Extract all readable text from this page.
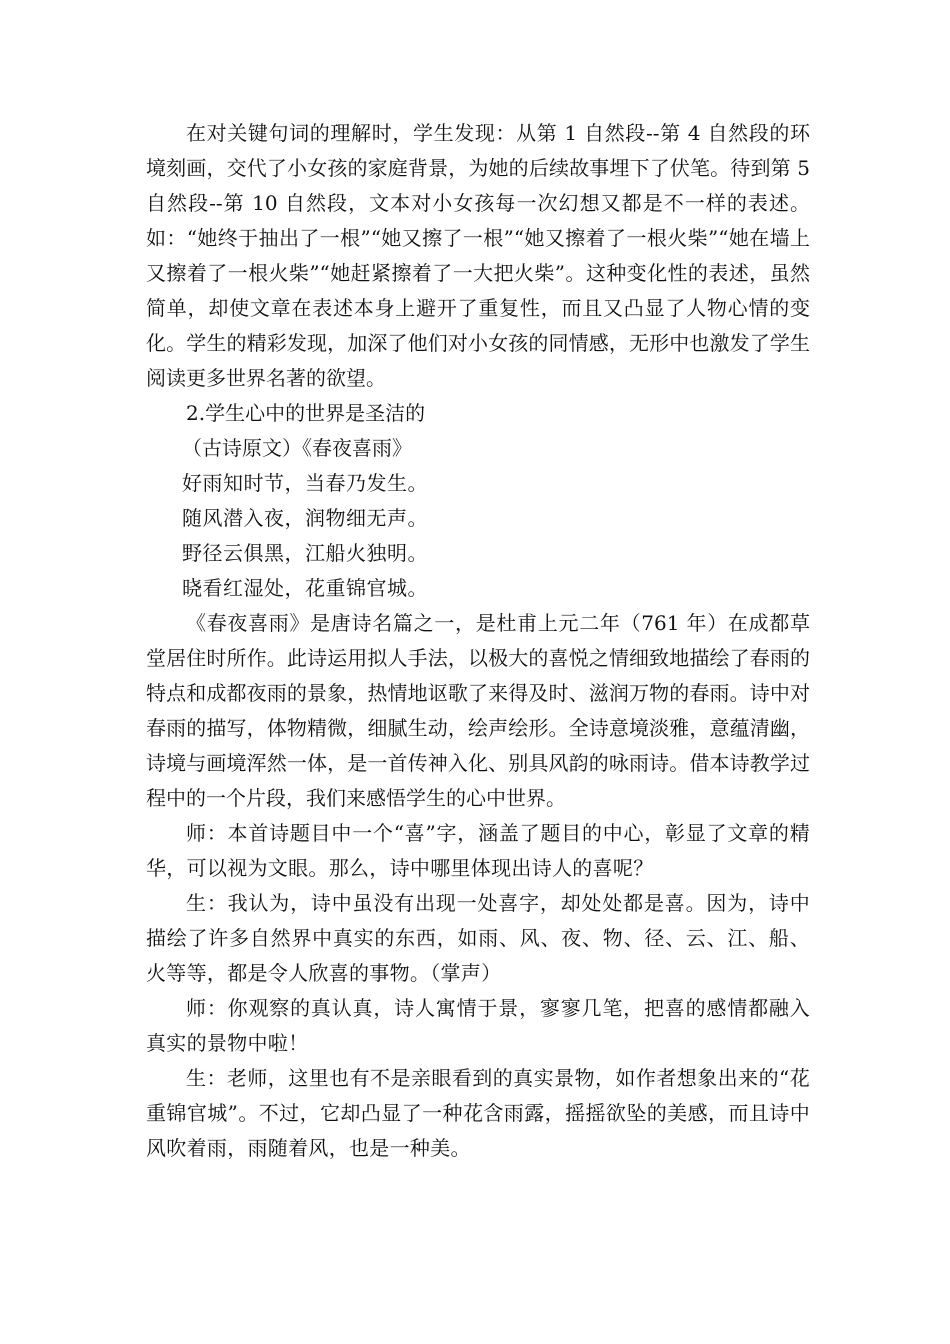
在对关键句词的理解时，学生发现：从第 1 自然段--第 4 自然段的环境刻画，交代了小女孩的家庭背景，为她的后续故事埋下了伏笔。待到第 5 自然段--第 10 自然段，文本对小女孩每一次幻想又都是不一样的表述。如：“她终于抽出了一根”“她又擦了一根”“她又擦着了一根火柴”“她在墙上又擦着了一根火柴”“她赶紧擦着了一大把火柴”。这种变化性的表述，虽然简单，却使文章在表述本身上避开了重复性，而且又凸显了人物心情的变化。学生的精彩发现，加深了他们对小女孩的同情感，无形中也激发了学生阅读更多世界名著的欲望。

2.学生心中的世界是圣洁的

（古诗原文）《春夜喜雨》

好雨知时节，当春乃发生。

随风潜入夜，润物细无声。

野径云俱黑，江船火独明。

晓看红湿处，花重锦官城。

《春夜喜雨》是唐诗名篇之一，是杜甫上元二年（761 年）在成都草堂居住时所作。此诗运用拟人手法，以极大的喜悦之情细致地描绘了春雨的特点和成都夜雨的景象，热情地讴歌了来得及时、滋润万物的春雨。诗中对春雨的描写，体物精微，细腻生动，绘声绘形。全诗意境淡雅，意蕴清幽，诗境与画境浑然一体，是一首传神入化、别具风韵的咏雨诗。借本诗教学过程中的一个片段，我们来感悟学生的心中世界。

师：本首诗题目中一个“喜”字，涵盖了题目的中心，彰显了文章的精华，可以视为文眼。那么，诗中哪里体现出诗人的喜呢？

生：我认为，诗中虽没有出现一处喜字，却处处都是喜。因为，诗中描绘了许多自然界中真实的东西，如雨、风、夜、物、径、云、江、船、火等等，都是令人欣喜的事物。（掌声）

师：你观察的真认真，诗人寓情于景，寥寥几笔，把喜的感情都融入真实的景物中啦！

生：老师，这里也有不是亲眼看到的真实景物，如作者想象出来的“花重锦官城”。不过，它却凸显了一种花含雨露，摇摇欲坠的美感，而且诗中风吹着雨，雨随着风，也是一种美。
